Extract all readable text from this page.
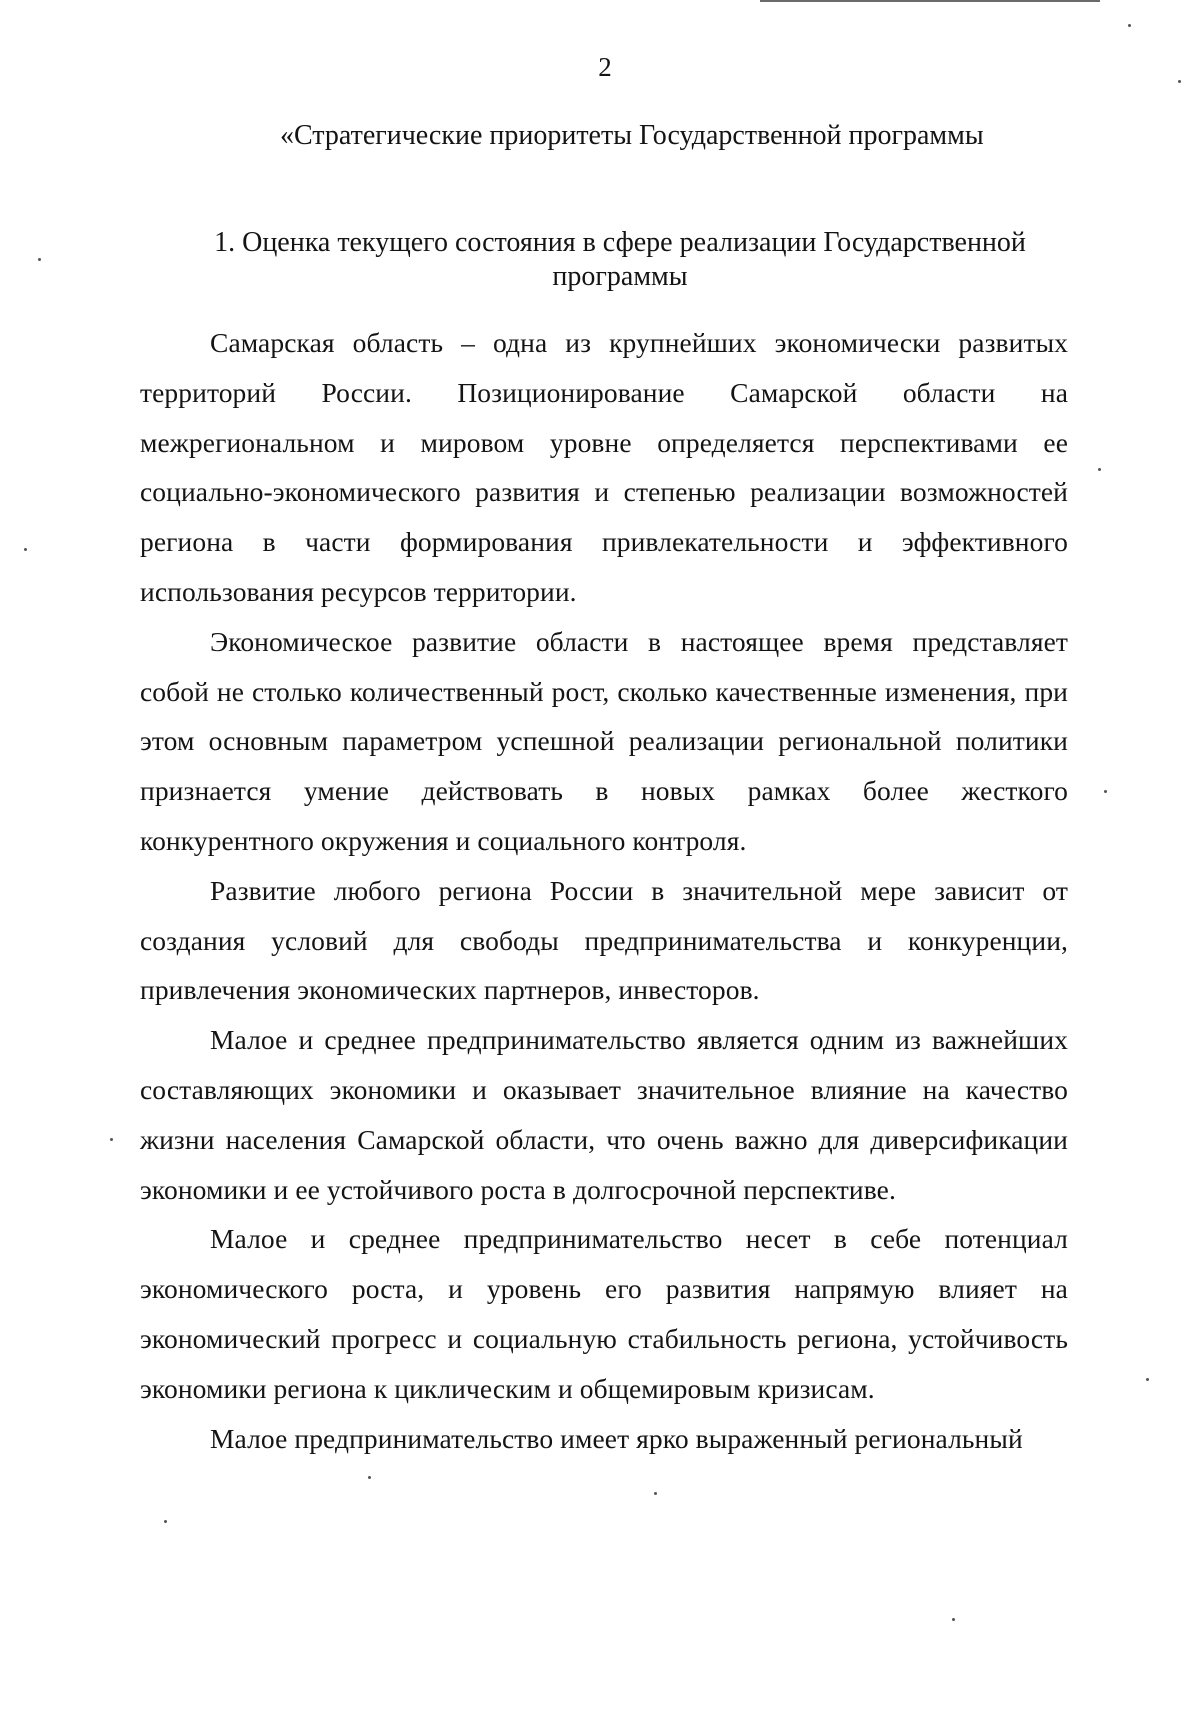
2
«Стратегические приоритеты Государственной программы
1. Оценка текущего состояния в сфере реализации Государственной
программы

Самарская область – одна из крупнейших экономически развитых территорий России. Позиционирование Самарской области на межрегиональном и мировом уровне определяется перспективами ее социально-экономического развития и степенью реализации возможностей региона в части формирования привлекательности и эффективного использования ресурсов территории.

Экономическое развитие области в настоящее время представляет собой не столько количественный рост, сколько качественные изменения, при этом основным параметром успешной реализации региональной политики признается умение действовать в новых рамках более жесткого конкурентного окружения и социального контроля.

Развитие любого региона России в значительной мере зависит от создания условий для свободы предпринимательства и конкуренции, привлечения экономических партнеров, инвесторов.

Малое и среднее предпринимательство является одним из важнейших составляющих экономики и оказывает значительное влияние на качество жизни населения Самарской области, что очень важно для диверсификации экономики и ее устойчивого роста в долгосрочной перспективе.

Малое и среднее предпринимательство несет в себе потенциал экономического роста, и уровень его развития напрямую влияет на экономический прогресс и социальную стабильность региона, устойчивость экономики региона к циклическим и общемировым кризисам.

Малое предпринимательство имеет ярко выраженный региональный
